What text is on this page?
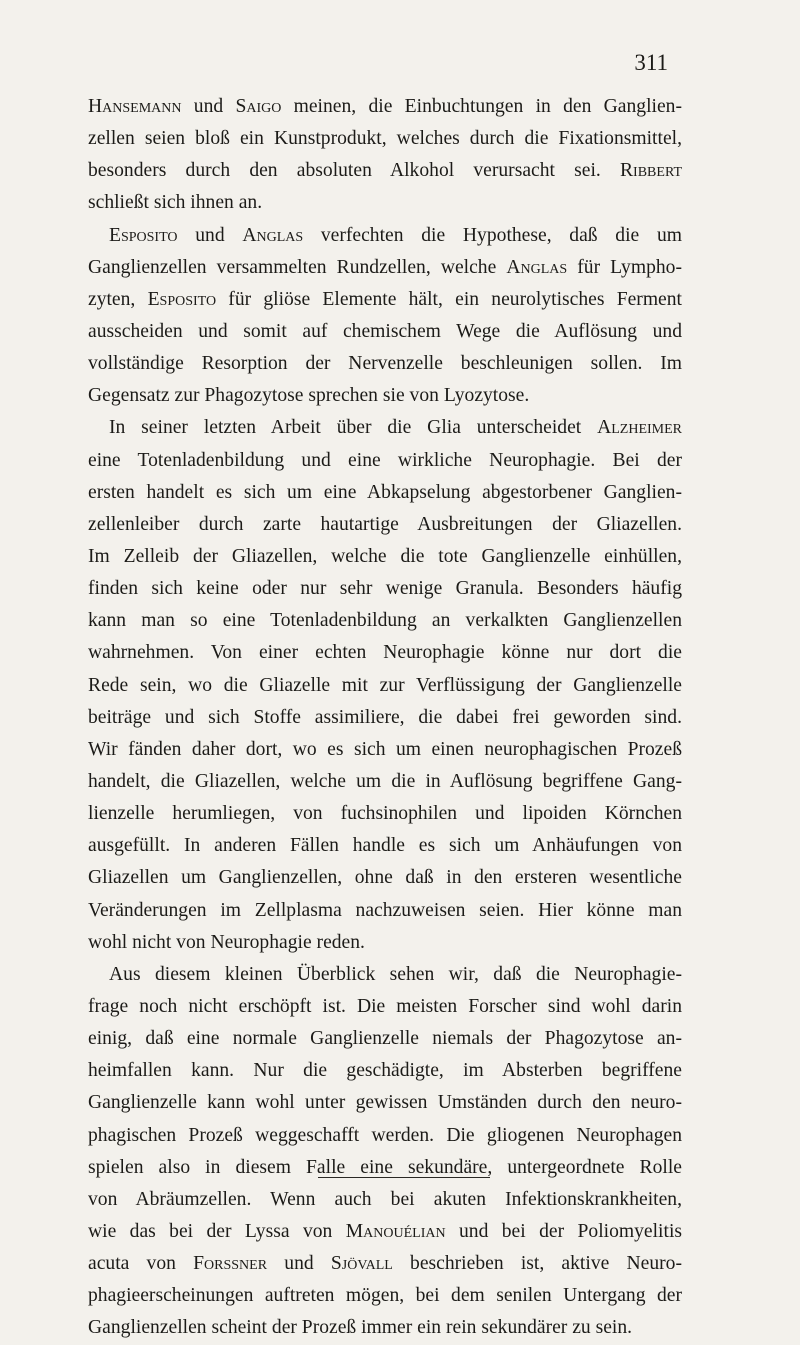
311
Hansemann und Saigo meinen, die Einbuchtungen in den Ganglien-
zellen seien bloß ein Kunstprodukt, welches durch die Fixationsmittel,
besonders durch den absoluten Alkohol verursacht sei. Ribbert
schließt sich ihnen an.
Esposito und Anglas verfechten die Hypothese, daß die um
Ganglienzellen versammelten Rundzellen, welche Anglas für Lympho-
zyten, Esposito für gliöse Elemente hält, ein neurolytisches Ferment
ausscheiden und somit auf chemischem Wege die Auflösung und
vollständige Resorption der Nervenzelle beschleunigen sollen. Im
Gegensatz zur Phagozytose sprechen sie von Lyozytose.
In seiner letzten Arbeit über die Glia unterscheidet Alzheimer
eine Totenladenbildung und eine wirkliche Neurophagie. Bei der
ersten handelt es sich um eine Abkapselung abgestorbener Ganglien-
zellenleiber durch zarte hautartige Ausbreitungen der Gliazellen.
Im Zelleib der Gliazellen, welche die tote Ganglienzelle einhüllen,
finden sich keine oder nur sehr wenige Granula. Besonders häufig
kann man so eine Totenladenbildung an verkalkten Ganglienzellen
wahrnehmen. Von einer echten Neurophagie könne nur dort die
Rede sein, wo die Gliazelle mit zur Verflüssigung der Ganglienzelle
beiträge und sich Stoffe assimiliere, die dabei frei geworden sind.
Wir fänden daher dort, wo es sich um einen neurophagischen Prozeß
handelt, die Gliazellen, welche um die in Auflösung begriffene Gang-
lienzelle herumliegen, von fuchsinophilen und lipoiden Körnchen
ausgefüllt. In anderen Fällen handle es sich um Anhäufungen von
Gliazellen um Ganglienzellen, ohne daß in den ersteren wesentliche
Veränderungen im Zellplasma nachzuweisen seien. Hier könne man
wohl nicht von Neurophagie reden.
Aus diesem kleinen Überblick sehen wir, daß die Neurophagie-
frage noch nicht erschöpft ist. Die meisten Forscher sind wohl darin
einig, daß eine normale Ganglienzelle niemals der Phagozytose an-
heimfallen kann. Nur die geschädigte, im Absterben begriffene
Ganglienzelle kann wohl unter gewissen Umständen durch den neuro-
phagischen Prozeß weggeschafft werden. Die gliogenen Neurophagen
spielen also in diesem Falle eine sekundäre, untergeordnete Rolle
von Abräumzellen. Wenn auch bei akuten Infektionskrankheiten,
wie das bei der Lyssa von Manouélian und bei der Poliomyelitis
acuta von Forssner und Sjövall beschrieben ist, aktive Neuro-
phagieerscheinungen auftreten mögen, bei dem senilen Untergang der
Ganglienzellen scheint der Prozeß immer ein rein sekundärer zu sein.
